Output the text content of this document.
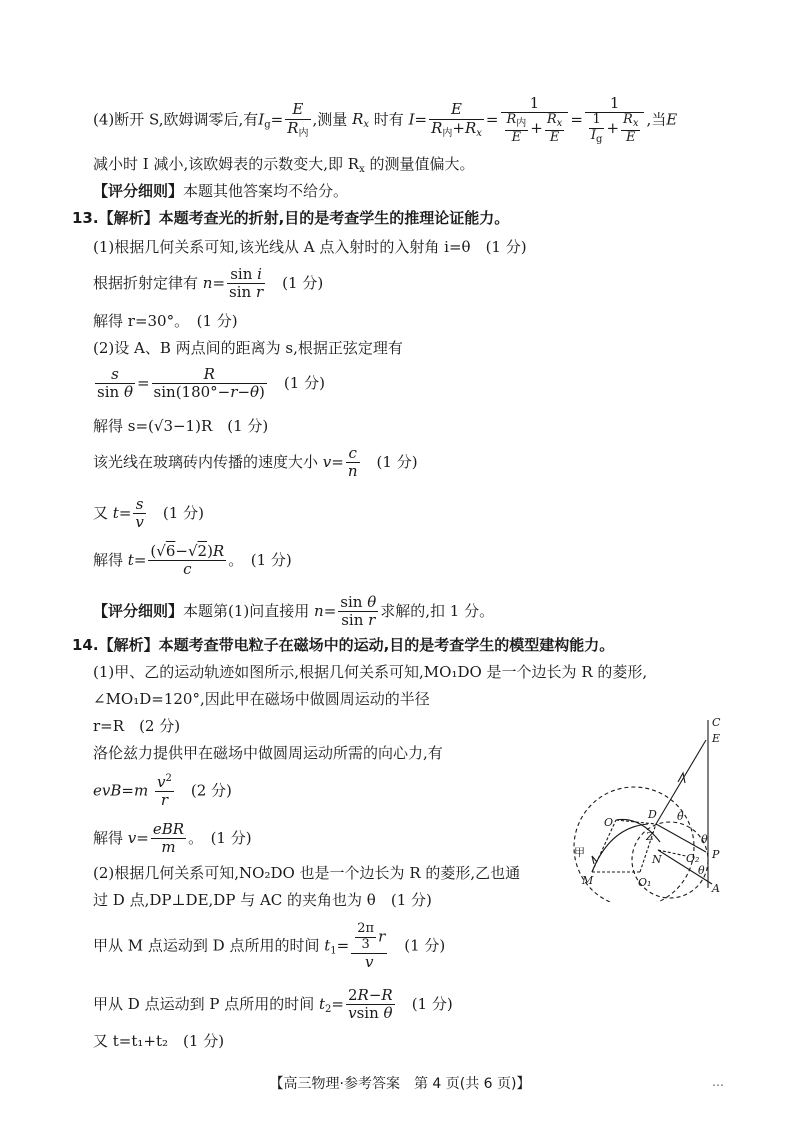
(4)断开 S,欧姆调零后,有$I_g= \frac{E}{R_内}$ ,测量 $R_x$ 时有 $I= \frac{E}{R_内+R_x} = \frac{1}{\frac{R_内}{E} + \frac{R_x}{E}} = \frac{1}{\frac{1}{I_g} + \frac{R_x}{E}}$ ,当E
减小时 I 减小,该欧姆表的示数变大,即 $R_x$ 的测量值偏大。
【评分细则】本题其他答案均不给分。
13.【解析】本题考查光的折射,目的是考查学生的推理论证能力。
(1)根据几何关系可知,该光线从 A 点入射时的入射角 i=θ　 (1 分)
根据折射定律有 $n= \frac{\text{sin i}}{\text{sin r}}$
　 (1 分)
解得 r=30°。　 (1 分)
(2)设 A、B 两点间的距离为 s,根据正弦定理有
$\frac{s}{\text{sin θ}} = \frac{R}{\sin(180^\circ-r-\theta)}$
　 (1 分)
解得 s=(√3−1)R　 (1 分)
该光线在玻璃砖内传播的速度大小 $v= \frac{c}{n}$
　 (1 分)
又 $t= \frac{s}{v}$
　 (1 分)
解得 $t= \frac{(√6-√2)R}{c}$ 。　(1 分)
【评分细则】本题第(1)问直接用 $n= \frac{\text{sin θ}}{\text{sin r}}$ 求解的,扣 1 分。
14.【解析】本题考查带电粒子在磁场中的运动,目的是考查学生的模型建构能力。
(1)甲、乙的运动轨迹如图所示,根据几何关系可知,MO₁DO 是一个边长为 R 的菱形,
∠MO₁D=120°,因此甲在磁场中做圆周运动的半径
r=R　 (2 分)
洛伦兹力提供甲在磁场中做圆周运动所需的向心力,有
$evB=m \frac{v^2}{r}$
　 (2 分)
解得 $v= \frac{\text{eBR}}{m}$ 。　(1 分)
(2)根据几何关系可知,NO₂DO 也是一个边长为 R 的菱形,乙也通
过 D 点,DP⊥DE,DP 与 AC 的夹角也为 θ　 (1 分)
甲从 M 点运动到 D 点所用的时间 $t_1= \frac{\frac{2\pi}{3} r}{v}$
　 (1 分)
甲从 D 点运动到 P 点所用的时间 $t_2= \frac{2R-R}{\text{vsin θ}}$
　 (1 分)
又 t=t₁+t₂　 (1 分)
C
E
D θ
O
Z	θ
P
N O₂
θ
甲
M	O₁	A
【高三物理·参考答案　第 4 页(共 6 页)】	…
